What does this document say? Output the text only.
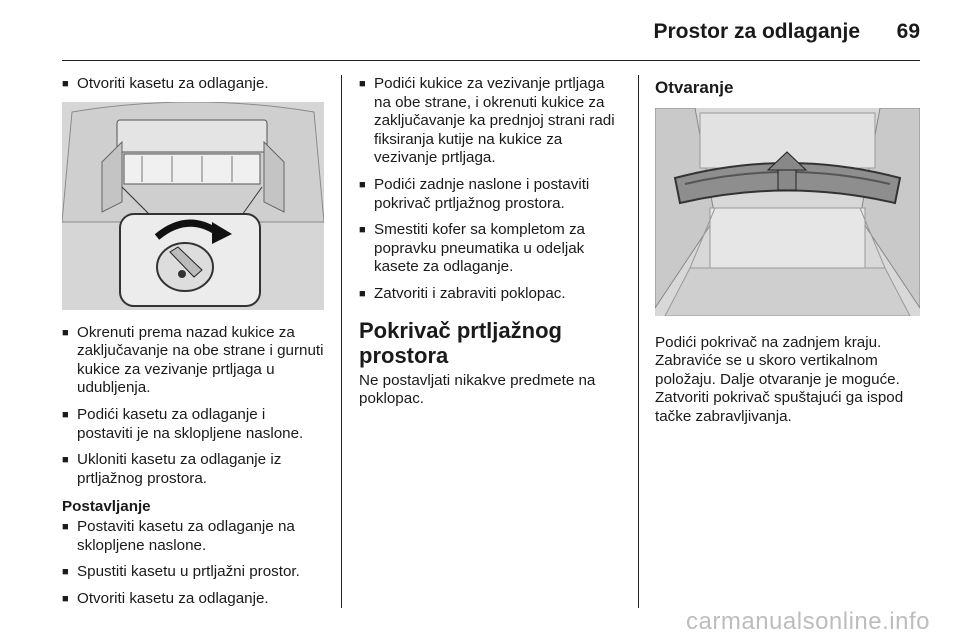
Prostor za odlaganje 69
■ Otvoriti kasetu za odlaganje.
■ Okrenuti prema nazad kukice za zaključavanje na obe strane i gurnuti kukice za vezivanje prtljaga u udubljenja.
■ Podići kasetu za odlaganje i postaviti je na sklopljene naslone.
■ Ukloniti kasetu za odlaganje iz prtljažnog prostora.
Postavljanje
■ Postaviti kasetu za odlaganje na sklopljene naslone.
■ Spustiti kasetu u prtljažni prostor.
■ Otvoriti kasetu za odlaganje.
■ Podići kukice za vezivanje prtljaga na obe strane, i okrenuti kukice za zaključavanje ka prednjoj strani radi fiksiranja kutije na kukice za vezivanje prtljaga.
■ Podići zadnje naslone i postaviti pokrivač prtljažnog prostora.
■ Smestiti kofer sa kompletom za popravku pneumatika u odeljak kasete za odlaganje.
■ Zatvoriti i zabraviti poklopac.
Pokrivač prtljažnog prostora

Ne postavljati nikakve predmete na poklopac.

Otvaranje

Podići pokrivač na zadnjem kraju. Zabraviće se u skoro vertikalnom položaju. Dalje otvaranje je moguće. Zatvoriti pokrivač spuštajući ga ispod tačke zabravljivanja.

carmanualsonline.info
